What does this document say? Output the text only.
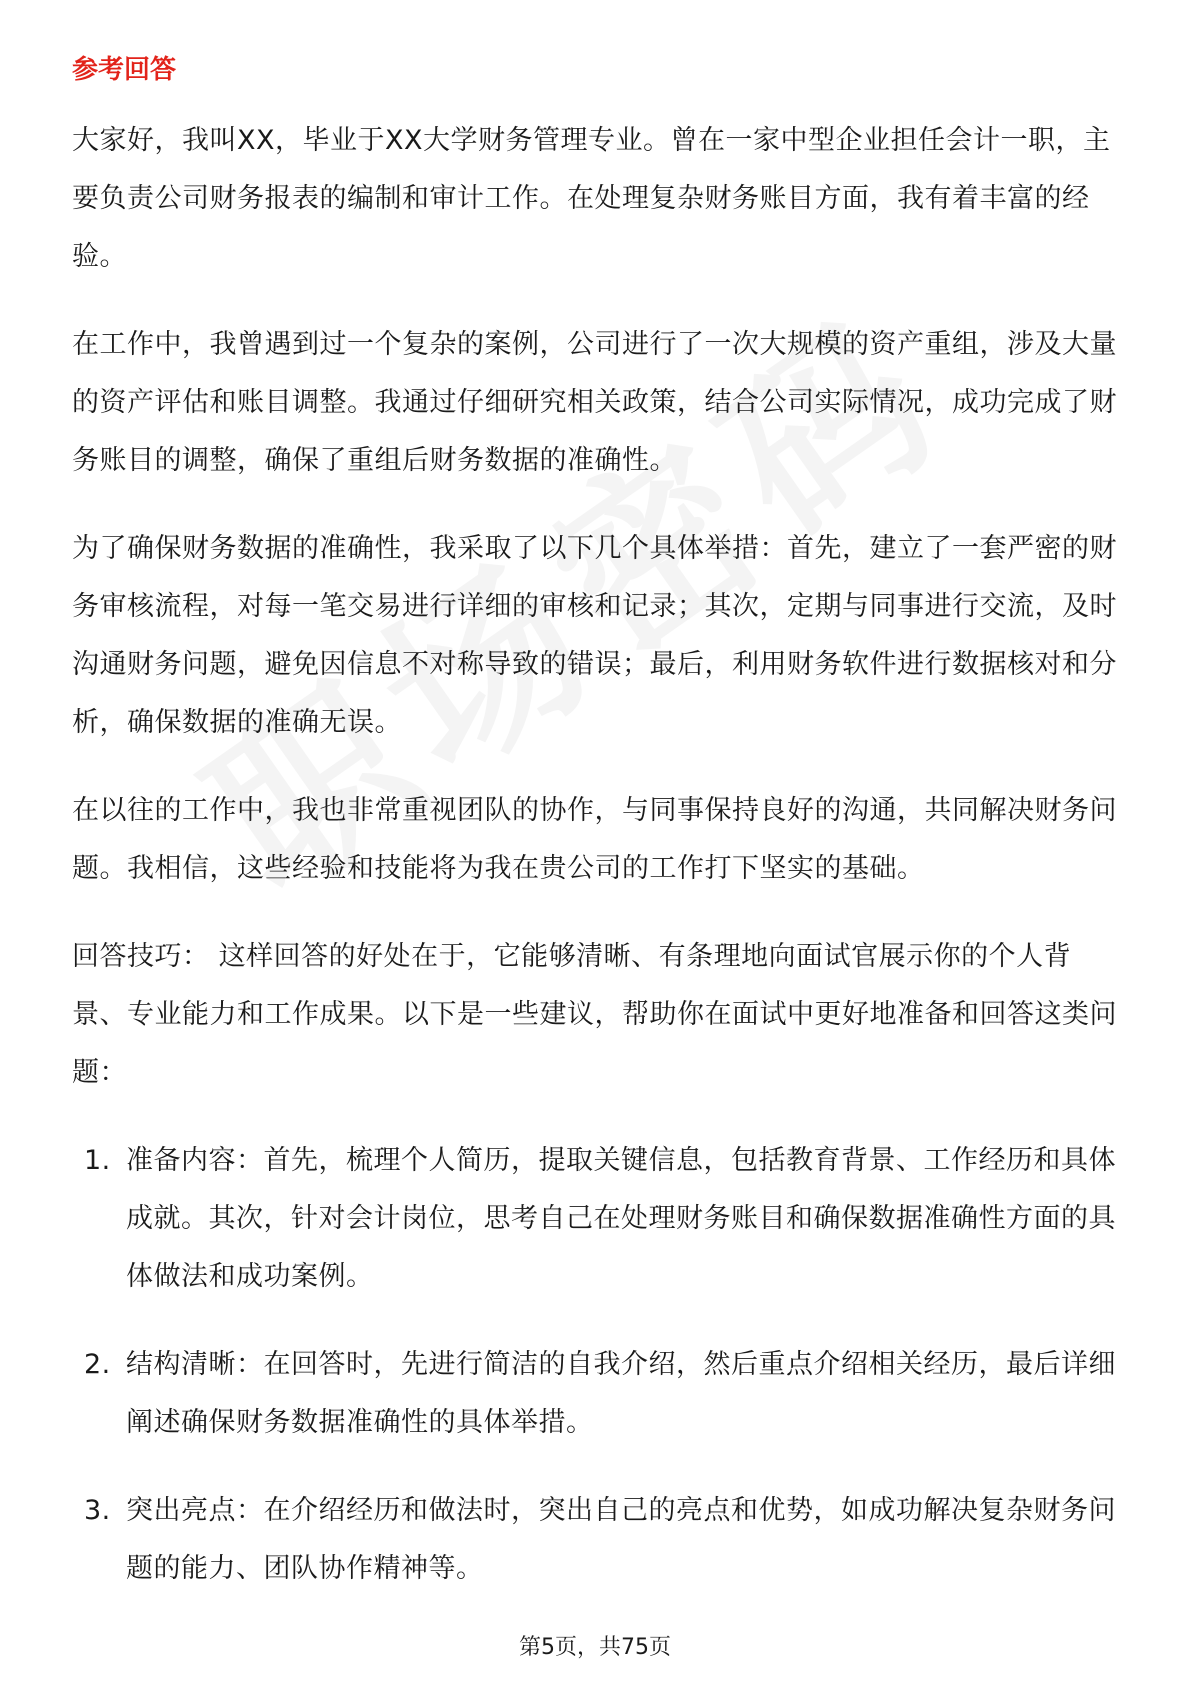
参考回答

大家好，我叫XX，毕业于XX大学财务管理专业。曾在一家中型企业担任会计一职，主要负责公司财务报表的编制和审计工作。在处理复杂财务账目方面，我有着丰富的经验。

在工作中，我曾遇到过一个复杂的案例，公司进行了一次大规模的资产重组，涉及大量的资产评估和账目调整。我通过仔细研究相关政策，结合公司实际情况，成功完成了财务账目的调整，确保了重组后财务数据的准确性。

为了确保财务数据的准确性，我采取了以下几个具体举措：首先，建立了一套严密的财务审核流程，对每一笔交易进行详细的审核和记录；其次，定期与同事进行交流，及时沟通财务问题，避免因信息不对称导致的错误；最后，利用财务软件进行数据核对和分析，确保数据的准确无误。

在以往的工作中，我也非常重视团队的协作，与同事保持良好的沟通，共同解决财务问题。我相信，这些经验和技能将为我在贵公司的工作打下坚实的基础。

回答技巧： 这样回答的好处在于，它能够清晰、有条理地向面试官展示你的个人背景、专业能力和工作成果。以下是一些建议，帮助你在面试中更好地准备和回答这类问题：

1. 准备内容：首先，梳理个人简历，提取关键信息，包括教育背景、工作经历和具体成就。其次，针对会计岗位，思考自己在处理财务账目和确保数据准确性方面的具体做法和成功案例。
2. 结构清晰：在回答时，先进行简洁的自我介绍，然后重点介绍相关经历，最后详细阐述确保财务数据准确性的具体举措。
3. 突出亮点：在介绍经历和做法时，突出自己的亮点和优势，如成功解决复杂财务问题的能力、团队协作精神等。
第5页，共75页
